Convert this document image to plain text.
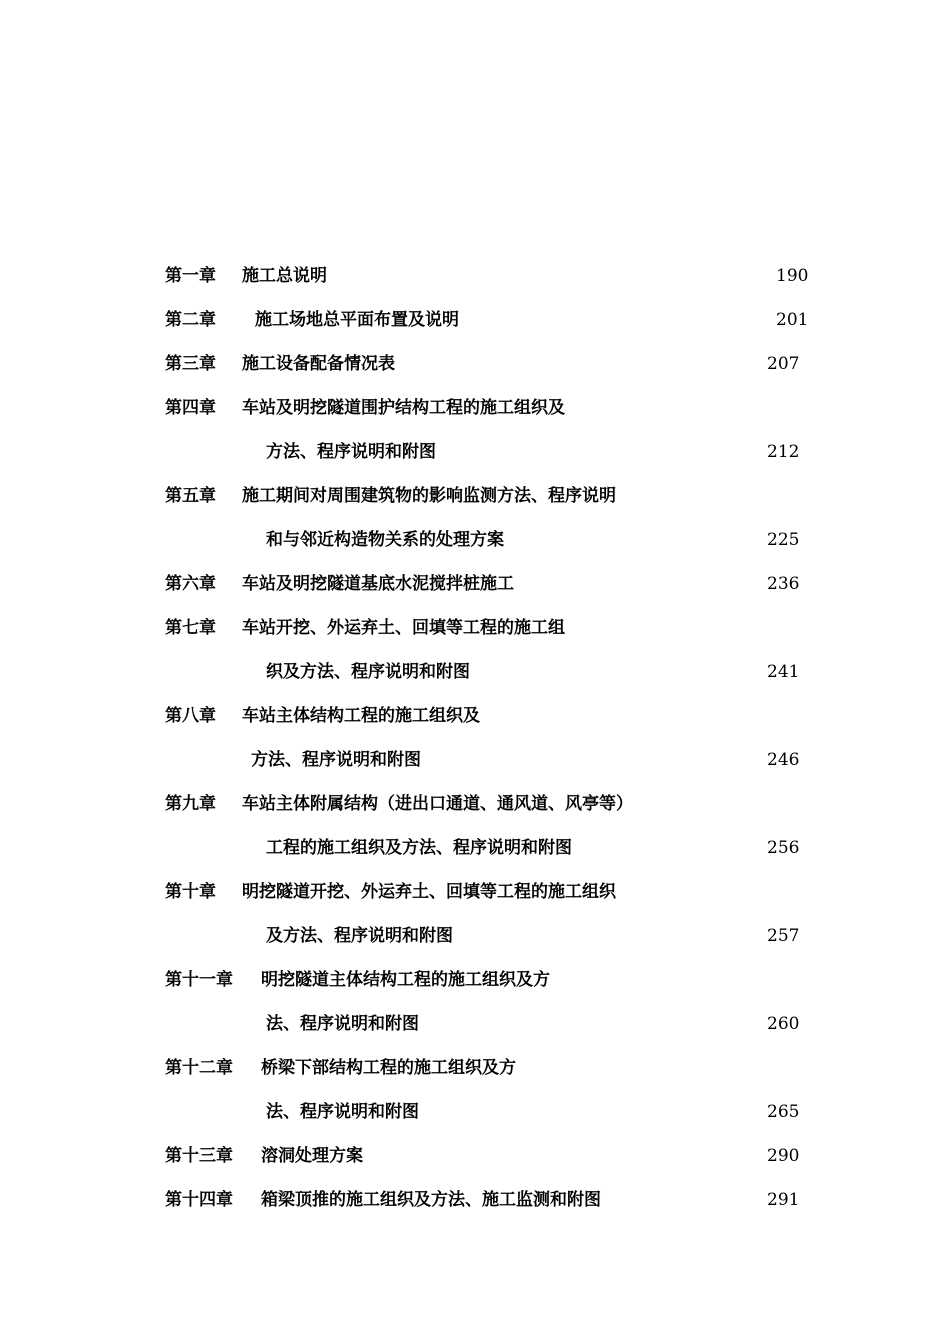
第一章 施工总说明	190
第二章 施工场地总平面布置及说明	201
第三章 施工设备配备情况表	207
第四章 车站及明挖隧道围护结构工程的施工组织及
方法、程序说明和附图	212
第五章 施工期间对周围建筑物的影响监测方法、程序说明
和与邻近构造物关系的处理方案	225
第六章 车站及明挖隧道基底水泥搅拌桩施工	236
第七章 车站开挖、外运弃土、回填等工程的施工组
织及方法、程序说明和附图	241
第八章 车站主体结构工程的施工组织及
方法、程序说明和附图	246
第九章 车站主体附属结构（进出口通道、通风道、风亭等）
工程的施工组织及方法、程序说明和附图	256
第十章 明挖隧道开挖、外运弃土、回填等工程的施工组织
及方法、程序说明和附图	257
第十一章 明挖隧道主体结构工程的施工组织及方
法、程序说明和附图	260
第十二章 桥梁下部结构工程的施工组织及方
法、程序说明和附图	265
第十三章 溶洞处理方案	290
第十四章 箱梁顶推的施工组织及方法、施工监测和附图	291
